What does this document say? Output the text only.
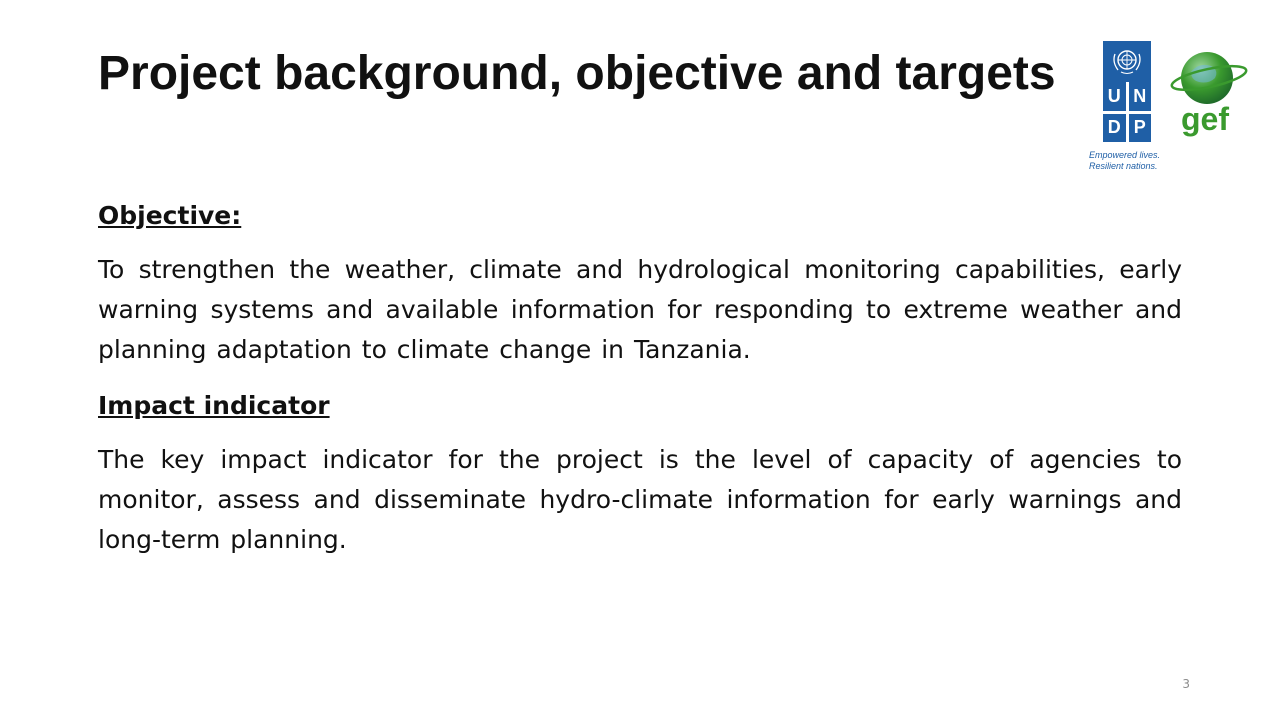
Project background, objective and targets	U N
D P
Empowered lives.
Resilient nations.
gef

Objective:

To strengthen the weather, climate and hydrological monitoring capabilities, early warning systems and available information for responding to extreme weather and planning adaptation to climate change in Tanzania.

Impact indicator

The key impact indicator for the project is the level of capacity of agencies to monitor, assess and disseminate hydro-climate information for early warnings and long-term planning.

3
